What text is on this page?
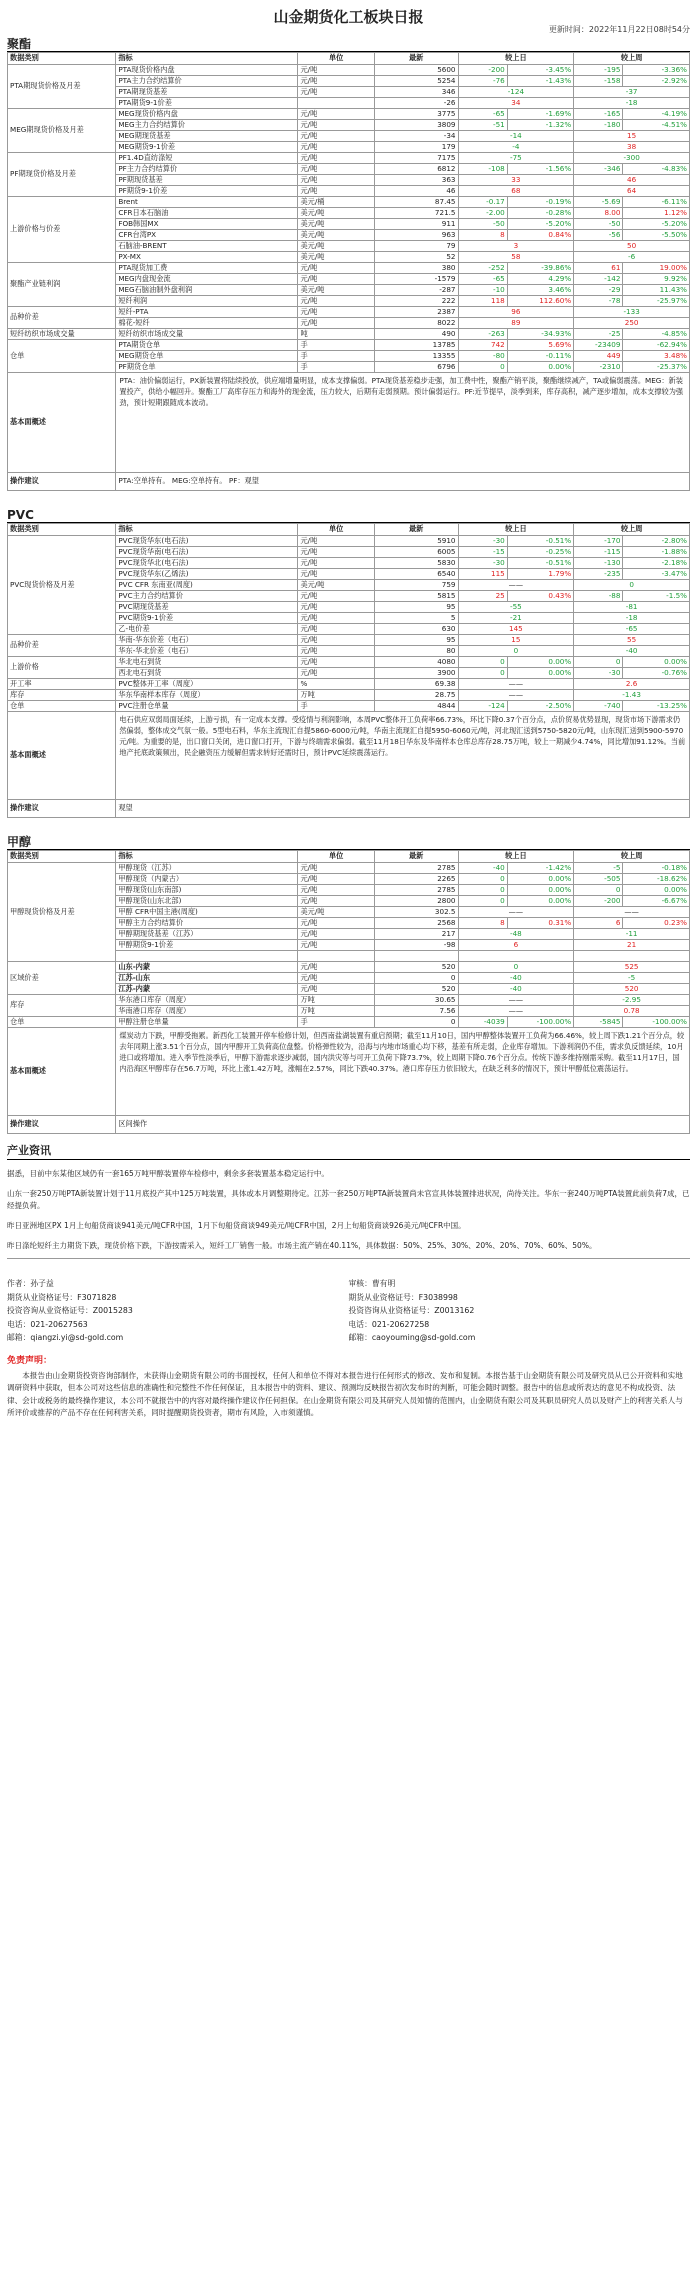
山金期货化工板块日报
更新时间：2022年11月22日08时54分
聚酯
数据类别	指标	单位	最新	较上日		较上周	
PTA期现货价格及月差	PTA现货价格内盘	元/吨	5600	-200	-3.45%	-195	-3.36%
	PTA主力合约结算价	元/吨	5254	-76	-1.43%	-158	-2.92%
	PTA期现货基差	元/吨	346	-124		-37	
	PTA期货9-1价差		-26	34		-18	
MEG期现货价格及月差	MEG现货价格内盘	元/吨	3775	-65	-1.69%	-165	-4.19%
	MEG主力合约结算价	元/吨	3809	-51	-1.32%	-180	-4.51%
	MEG期现货基差	元/吨	-34	-14		15	
	MEG期货9-1价差	元/吨	179	-4		38	
PF期现货价格及月差	PF1.4D直纺涤短	元/吨	7175	-75		-300	
	PF主力合约结算价	元/吨	6812	-108	-1.56%	-346	-4.83%
	PF期现货基差	元/吨	363	33		46	
	PF期货9-1价差	元/吨	46	68		64	
上游价格与价差	Brent	美元/桶	87.45	-0.17	-0.19%	-5.69	-6.11%
	CFR日本石脑油	美元/吨	721.5	-2.00	-0.28%	8.00	1.12%
	FOB韩国MX	美元/吨	911	-50	-5.20%	-50	-5.20%
	CFR台湾PX	美元/吨	963	8	0.84%	-56	-5.50%
	石脑油-BRENT	美元/吨	79	3		50	
	PX-MX	美元/吨	52	58		-6	
聚酯产业链利润	PTA现货加工费	元/吨	380	-252	-39.86%	61	19.00%
	MEG内盘现金流	元/吨	-1579	-65	4.29%	-142	9.92%
	MEG石脑油制外盘利润	美元/吨	-287	-10	3.46%	-29	11.43%
	短纤利润	元/吨	222	118	112.60%	-78	-25.97%
品种价差	短纤-PTA	元/吨	2387	96		-133	
	棉花-短纤	元/吨	8022	89		250	
短纤纺织市场成交量	短纤纺织市场成交量	吨	490	-263	-34.93%	-25	-4.85%
仓单	PTA期货仓单	手	13785	742	5.69%	-23409	-62.94%
	MEG期货仓单	手	13355	-80	-0.11%	449	3.48%
	PF期货仓单	手	6796	0	0.00%	-2310	-25.37%
基本面概述	PTA：油价偏弱运行，PX新装置将陆续投放，供应端增量明显，成本支撑偏弱。PTA现货基差稳步走强，加工费中性，聚酯产销平淡，聚酯继续减产，TA或偏弱震荡。MEG：新装置投产，供给小幅回升。聚酯工厂高库存压力和海外的现金流，压力较大，后期有走弱预期。预计偏弱运行。PF:近节提早，淡季到来，库存高积，减产逐步增加，成本支撑较为强劲，预计短期跟随成本波动。						
操作建议	PTA:空单持有。 MEG:空单持有。 PF：观望						
PVC
数据类别	指标	单位	最新	较上日		较上周	
PVC现货价格及月差	PVC现货华东(电石法)	元/吨	5910	-30	-0.51%	-170	-2.80%
	PVC现货华南(电石法)	元/吨	6005	-15	-0.25%	-115	-1.88%
	PVC现货华北(电石法)	元/吨	5830	-30	-0.51%	-130	-2.18%
	PVC现货华东(乙烯法)	元/吨	6540	115	1.79%	-235	-3.47%
	PVC CFR 东南亚(周度)	美元/吨	759	——		0	
	PVC主力合约结算价	元/吨	5815	25	0.43%	-88	-1.5%
	PVC期现货基差	元/吨	95	-55		-81	
	PVC期货9-1价差	元/吨	5	-21		-18	
	乙-电价差	元/吨	630	145		-65	
品种价差	华南-华东价差（电石）	元/吨	95	15		55	
	华东-华北价差（电石）	元/吨	80	0		-40	
上游价格	华北电石到货	元/吨	4080	0	0.00%	0	0.00%
	西北电石到货	元/吨	3900	0	0.00%	-30	-0.76%
开工率	PVC整体开工率（周度）	%	69.38	——		2.6	
库存	华东华南样本库存（周度）	万吨	28.75	——		-1.43	
仓单	PVC注册仓单量	手	4844	-124	-2.50%	-740	-13.25%
基本面概述	电石供应双弱局面延续，上游亏损，有一定成本支撑。受疫情与利润影响，本周PVC整体开工负荷率66.73%，环比下降0.37个百分点，点价贸易优势显现，现货市场下游需求仍然偏弱，整体成交气氛一般。5型电石料，华东主流现汇自提5860-6000元/吨，华南主流现汇自提5950-6060元/吨，河北现汇送到5750-5820元/吨，山东现汇送到5900-5970元/吨。为重要的是，出口窗口关闭，进口窗口打开，下游与终端需求偏弱。截至11月18日华东及华南样本仓库总库存28.75万吨，较上一期减少4.74%，同比增加91.12%。当前地产托底政策频出，民企融资压力缓解但需求转好还需时日，预计PVC延续震荡运行。						
操作建议	观望						
甲醇
数据类别	指标	单位	最新	较上日		较上周	
甲醇现货价格及月差	甲醇现货（江苏）	元/吨	2785	-40	-1.42%	-5	-0.18%
	甲醇现货（内蒙古）	元/吨	2265	0	0.00%	-505	-18.62%
	甲醇现货(山东南部)	元/吨	2785	0	0.00%	0	0.00%
	甲醇现货(山东北部)	元/吨	2800	0	0.00%	-200	-6.67%
	甲醇 CFR中国主港(周度)	美元/吨	302.5	——		——	
	甲醇主力合约结算价	元/吨	2568	8	0.31%	6	0.23%
	甲醇期现货基差（江苏）	元/吨	217	-48		-11	
	甲醇期货9-1价差	元/吨	-98	6		21	

区域价差	山东-内蒙	元/吨	520	0		525	
	江苏-山东	元/吨	0	-40		-5	
	江苏-内蒙	元/吨	520	-40		520	
库存	华东港口库存（周度）	万吨	30.65	——		-2.95	
	华南港口库存（周度）	万吨	7.56	——		0.78	
仓单	甲醇注册仓单量	手	0	-4039	-100.00%	-5845	-100.00%
基本面概述	煤炭动力下跌，甲醇受拖累。新西化工装置开停车检修计划，但西南盐湖装置有重启预期；截至11月10日，国内甲醇整体装置开工负荷为66.46%，较上周下跌1.21个百分点，较去年同期上涨3.51个百分点，国内甲醇开工负荷高位盘整。价格弹性较为，沿海与内地市场重心均下移，基差有所走弱，企业库存增加。下游利润仍不佳，需求负反馈延续，10月进口或将增加。进入季节性淡季后，甲醇下游需求逐步减弱，国内洪灾等与可开工负荷下降73.7%，较上周期下降0.76个百分点。传统下游多维持刚需采购。截至11月17日，国内沿海区甲醇库存在56.7万吨，环比上涨1.42万吨，涨幅在2.57%，同比下跌40.37%。港口库存压力依旧较大，在缺乏利多的情况下，预计甲醇低位震荡运行。						
操作建议	区间操作						
产业资讯

据悉，目前中东某他区域仍有一套165万吨甲醇装置停车检修中，剩余多套装置基本稳定运行中。

山东一套250万吨PTA新装置计划于11月底投产其中125万吨装置，具体或本月调整期待定。江苏一套250万吨PTA新装置尚未官宣具体装置排进状况，尚待关注。华东一套240万吨PTA装置此前负荷7成，已经提负荷。

昨日亚洲地区PX 1月上旬船货商谈941美元/吨CFR中国，1月下旬船货商谈949美元/吨CFR中国，2月上旬船货商谈926美元/吨CFR中国。

昨日涤纶短纤主力期货下跌，现货价格下跌，下游按需采入，短纤工厂销售一般。市场主流产销在40.11%，具体数据：50%、25%、30%、20%、20%、70%、60%、50%。

作者：孙子益
期货从业资格证号：F3071828
投资咨询从业资格证号：Z0015283
电话：021-20627563
邮箱：qiangzi.yi@sd-gold.com
审核：曹有明
期货从业资格证号：F3038998
投资咨询从业资格证号：Z0013162
电话：021-20627258
邮箱：caoyouming@sd-gold.com
免责声明：

本报告由山金期货投资咨询部制作，未获得山金期货有限公司的书面授权，任何人和单位不得对本报告进行任何形式的修改、发布和复制。本报告基于山金期货有限公司及研究员从已公开资料和实地调研资料中获取，但本公司对这些信息的准确性和完整性不作任何保证，且本报告中的资料、建议、预测均反映报告初次发布时的判断，可能会随时调整。报告中的信息或所表达的意见不构成投资、法律、会计或税务的最终操作建议，本公司不就报告中的内容对最终操作建议作任何担保。在山金期货有限公司及其研究人员知情的范围内，山金期货有限公司及其职员研究人员以及财产上的利害关系人与所评价或推荐的产品不存在任何利害关系，同时提醒期货投资者，期市有风险，入市须谨慎。
